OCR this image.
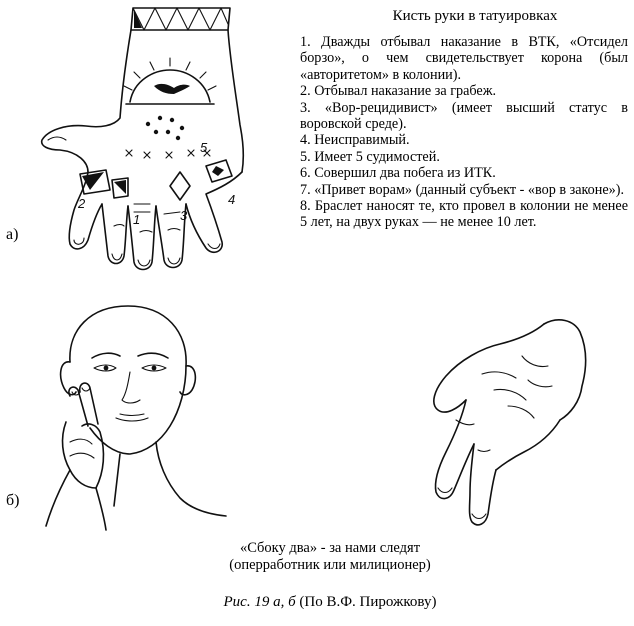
а)
2
1	3
4
5
Кисть руки в татуировках
1. Дважды отбывал наказание в ВТК, «Отсидел борзо», о чем свидетельствует корона (был «авторитетом» в колонии).
2. Отбывал наказание за грабеж.
3. «Вор-рецидивист» (имеет высший статус в воровской среде).
4. Неисправимый.
5. Имеет 5 судимостей.
6. Совершил два побега из ИТК.
7. «Привет ворам» (данный субъект - «вор в законе»).
8. Браслет наносят те, кто провел в колонии не менее 5 лет, на двух руках — не менее 10 лет.
б)
«Сбоку два» - за нами следят
(оперработник или милиционер)
Рис. 19 а, б (По В.Ф. Пирожкову)
